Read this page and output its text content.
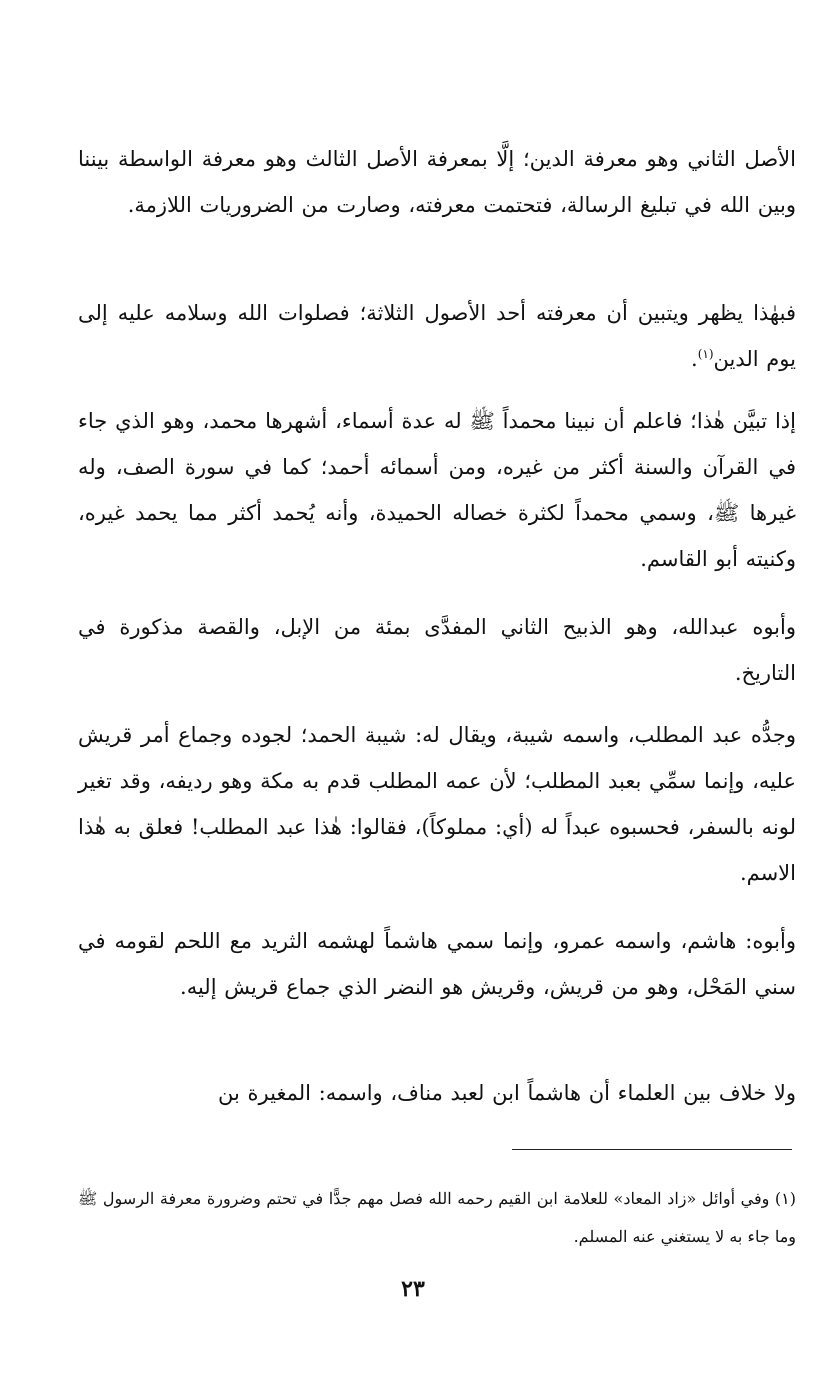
الأصل الثاني وهو معرفة الدين؛ إلَّا بمعرفة الأصل الثالث وهو معرفة الواسطة بيننا وبين الله في تبليغ الرسالة، فتحتمت معرفته، وصارت من الضروريات اللازمة.

فبهٰذا يظهر ويتبين أن معرفته أحد الأصول الثلاثة؛ فصلوات الله وسلامه عليه إلى يوم الدين$^{(١)}$.

إذا تبيَّن هٰذا؛ فاعلم أن نبينا محمداً ﷺ له عدة أسماء، أشهرها محمد، وهو الذي جاء في القرآن والسنة أكثر من غيره، ومن أسمائه أحمد؛ كما في سورة الصف، وله غيرها ﷺ، وسمي محمداً لكثرة خصاله الحميدة، وأنه يُحمد أكثر مما يحمد غيره، وكنيته أبو القاسم.

وأبوه عبدالله، وهو الذبيح الثاني المفدَّى بمئة من الإبل، والقصة مذكورة في التاريخ.

وجدُّه عبد المطلب، واسمه شيبة، ويقال له: شيبة الحمد؛ لجوده وجماع أمر قريش عليه، وإنما سمِّي بعبد المطلب؛ لأن عمه المطلب قدم به مكة وهو رديفه، وقد تغير لونه بالسفر، فحسبوه عبداً له (أي: مملوكاً)، فقالوا: هٰذا عبد المطلب! فعلق به هٰذا الاسم.

وأبوه: هاشم، واسمه عمرو، وإنما سمي هاشماً لهشمه الثريد مع اللحم لقومه في سني المَحْل، وهو من قريش، وقريش هو النضر الذي جماع قريش إليه.

ولا خلاف بين العلماء أن هاشماً ابن لعبد مناف، واسمه: المغيرة بن

(١) وفي أوائل «زاد المعاد» للعلامة ابن القيم رحمه الله فصل مهم جدًّا في تحتم وضرورة معرفة الرسول ﷺ وما جاء به لا يستغني عنه المسلم.

٢٣
